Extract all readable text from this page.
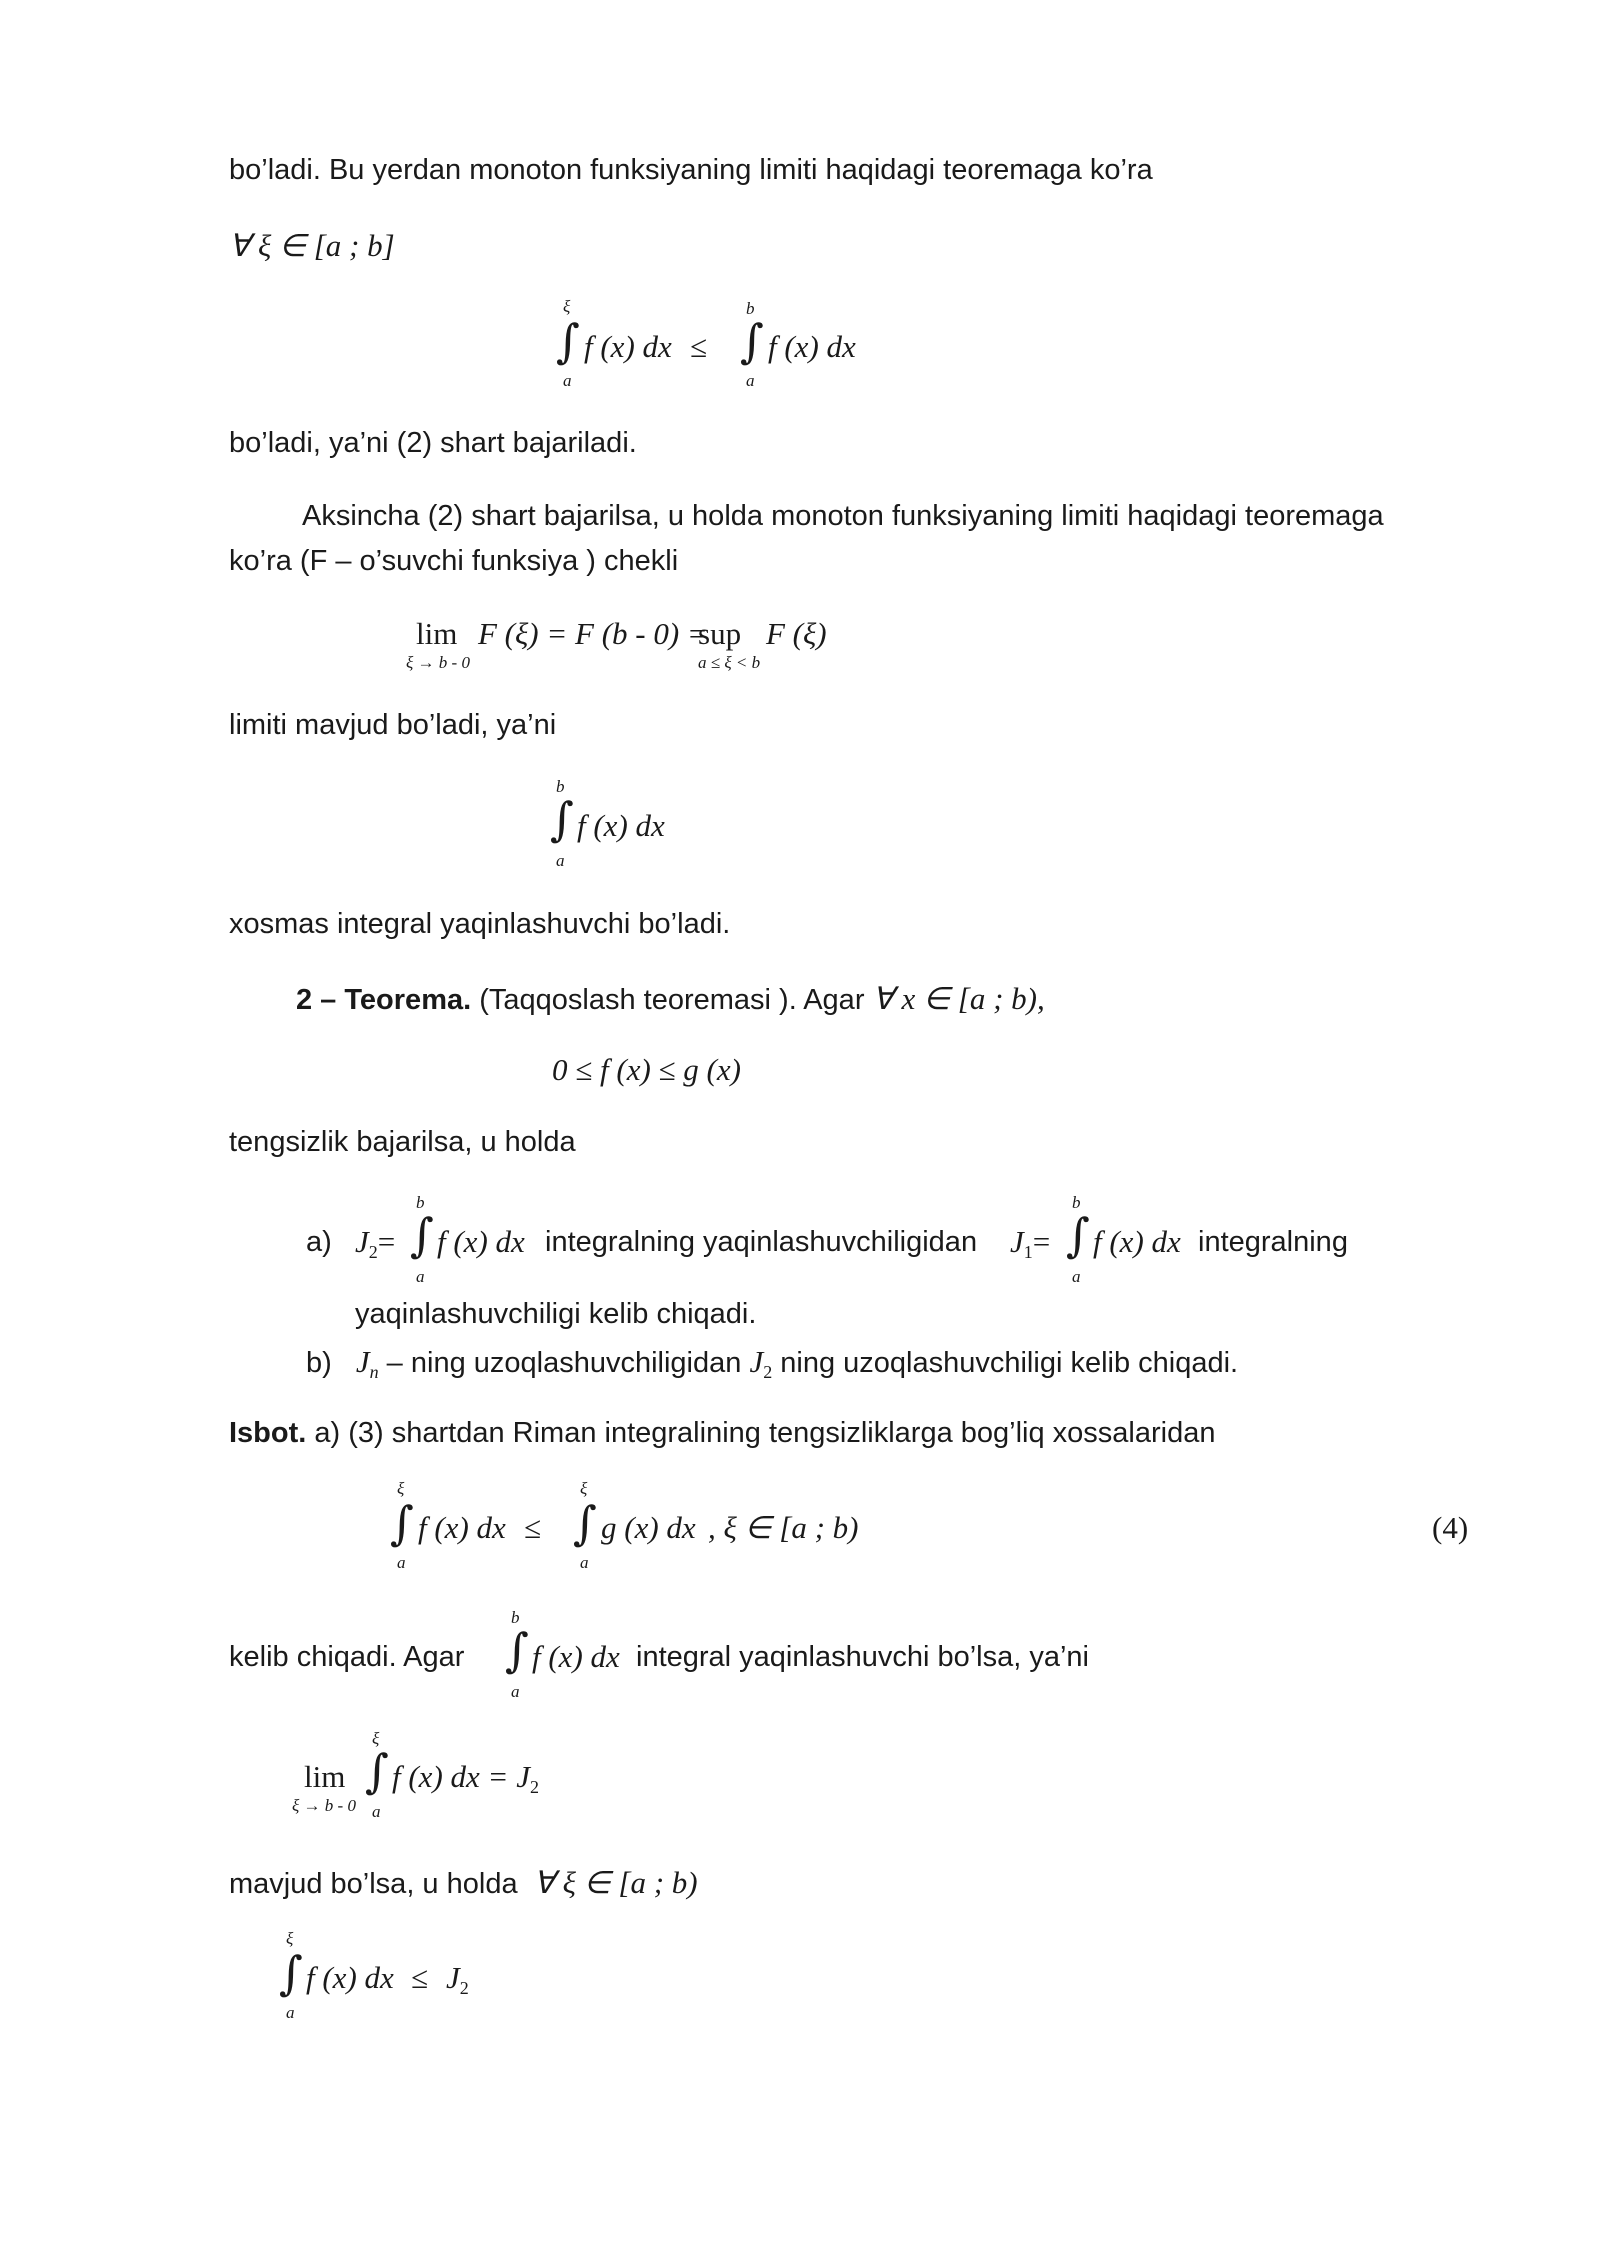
bo’ladi. Bu yerdan monoton funksiyaning limiti haqidagi teoremaga ko’ra
∀ ξ ∈ [a ; b]
ξ
∫
a
f (x) dx ≤
b
∫
a
f (x) dx
bo’ladi, ya’ni (2) shart bajariladi.
Aksincha (2) shart bajarilsa, u holda monoton funksiyaning limiti haqidagi teoremaga
ko’ra (F – o’suvchi funksiya ) chekli
lim
ξ → b - 0
F (ξ) = F (b - 0) =
sup
a ≤ ξ < b
F (ξ)
limiti mavjud bo’ladi, ya’ni
b
∫
a
f (x) dx
xosmas integral yaqinlashuvchi bo’ladi.
2 – Teorema. (Taqqoslash teoremasi ). Agar ∀ x ∈ [a ; b),
0 ≤ f (x) ≤ g (x)
tengsizlik bajarilsa, u holda
a) $J_2=$
b
∫
a
f (x) dx integralning yaqinlashuvchiligidan $J_1=$
b
∫
a
f (x) dx integralning
yaqinlashuvchiligi kelib chiqadi.
b) Jn – ning uzoqlashuvchiligidan $J_2$ ning uzoqlashuvchiligi kelib chiqadi.
Isbot. a) (3) shartdan Riman integralining tengsizliklarga bog’liq xossalaridan
ξ
∫
a
f (x) dx ≤
ξ
∫
a
g (x) dx , ξ ∈ [a ; b)	(4)
kelib chiqadi. Agar
b
∫
a
f (x) dx integral yaqinlashuvchi bo’lsa, ya’ni
lim
ξ → b - 0
ξ
∫
a
f (x) dx = $J_2$
mavjud bo’lsa, u holda ∀ ξ ∈ [a ; b)
ξ
∫
a
f (x) dx ≤ $J_2$
